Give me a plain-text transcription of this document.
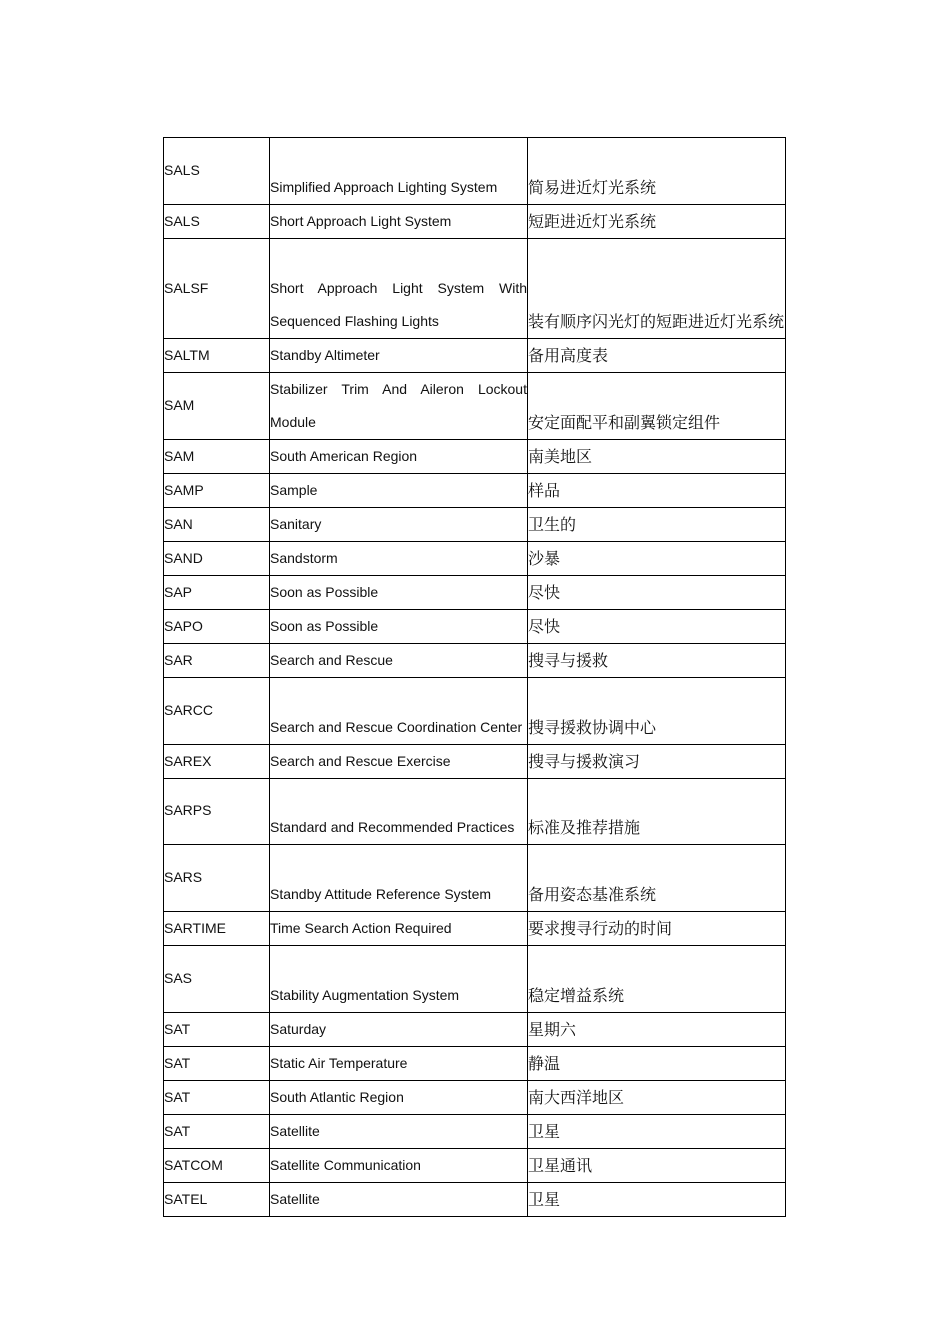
SALS	Simplified Approach Lighting System	简易进近灯光系统

SALS	Short Approach Light System	短距进近灯光系统

SALSF	Short Approach Light System With Sequenced Flashing Lights	装有顺序闪光灯的短距进近灯光系统

SALTM	Standby Altimeter	备用高度表

SAM	Stabilizer Trim And Aileron Lockout Module	安定面配平和副翼锁定组件

SAM	South American Region	南美地区

SAMP	Sample	样品

SAN	Sanitary	卫生的

SAND	Sandstorm	沙暴

SAP	Soon as Possible	尽快

SAPO	Soon as Possible	尽快

SAR	Search and Rescue	搜寻与援救

SARCC	Search and Rescue Coordination Center	搜寻援救协调中心

SAREX	Search and Rescue Exercise	搜寻与援救演习

SARPS	Standard and Recommended Practices	标准及推荐措施

SARS	Standby Attitude Reference System	备用姿态基准系统

SARTIME	Time Search Action Required	要求搜寻行动的时间

SAS	Stability Augmentation System	稳定增益系统

SAT	Saturday	星期六

SAT	Static Air Temperature	静温

SAT	South Atlantic Region	南大西洋地区

SAT	Satellite	卫星

SATCOM	Satellite Communication	卫星通讯

SATEL	Satellite	卫星
